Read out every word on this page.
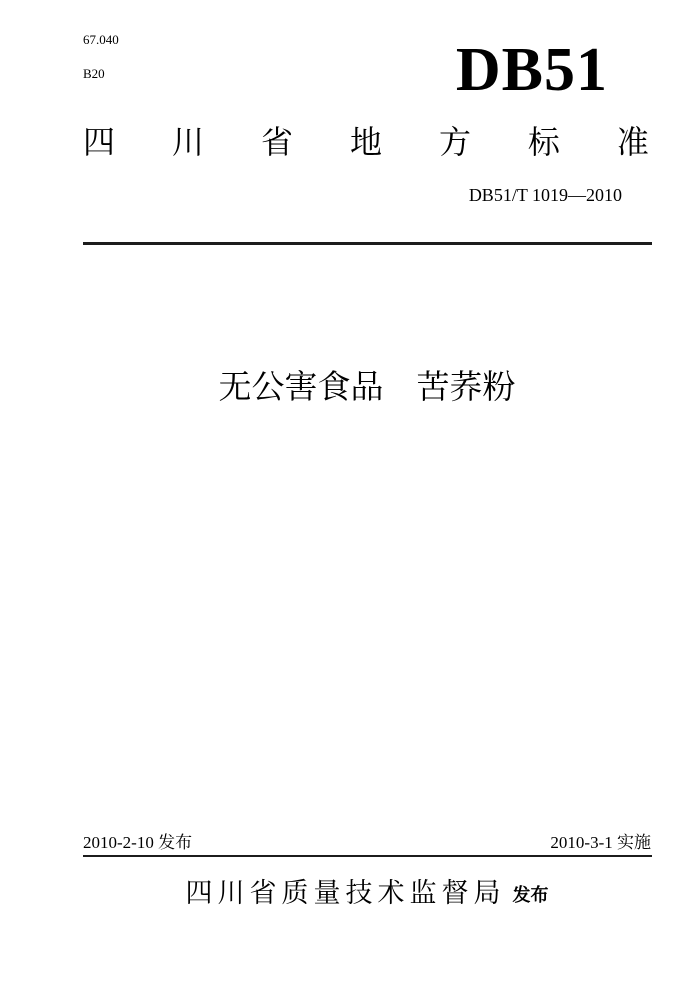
67.040
B20	DB51
四 川 省 地 方 标 准
DB51/T 1019—2010
无公害食品　苦荞粉
2010-2-10 发布	2010-3-1 实施
四川省质量技术监督局 发布
